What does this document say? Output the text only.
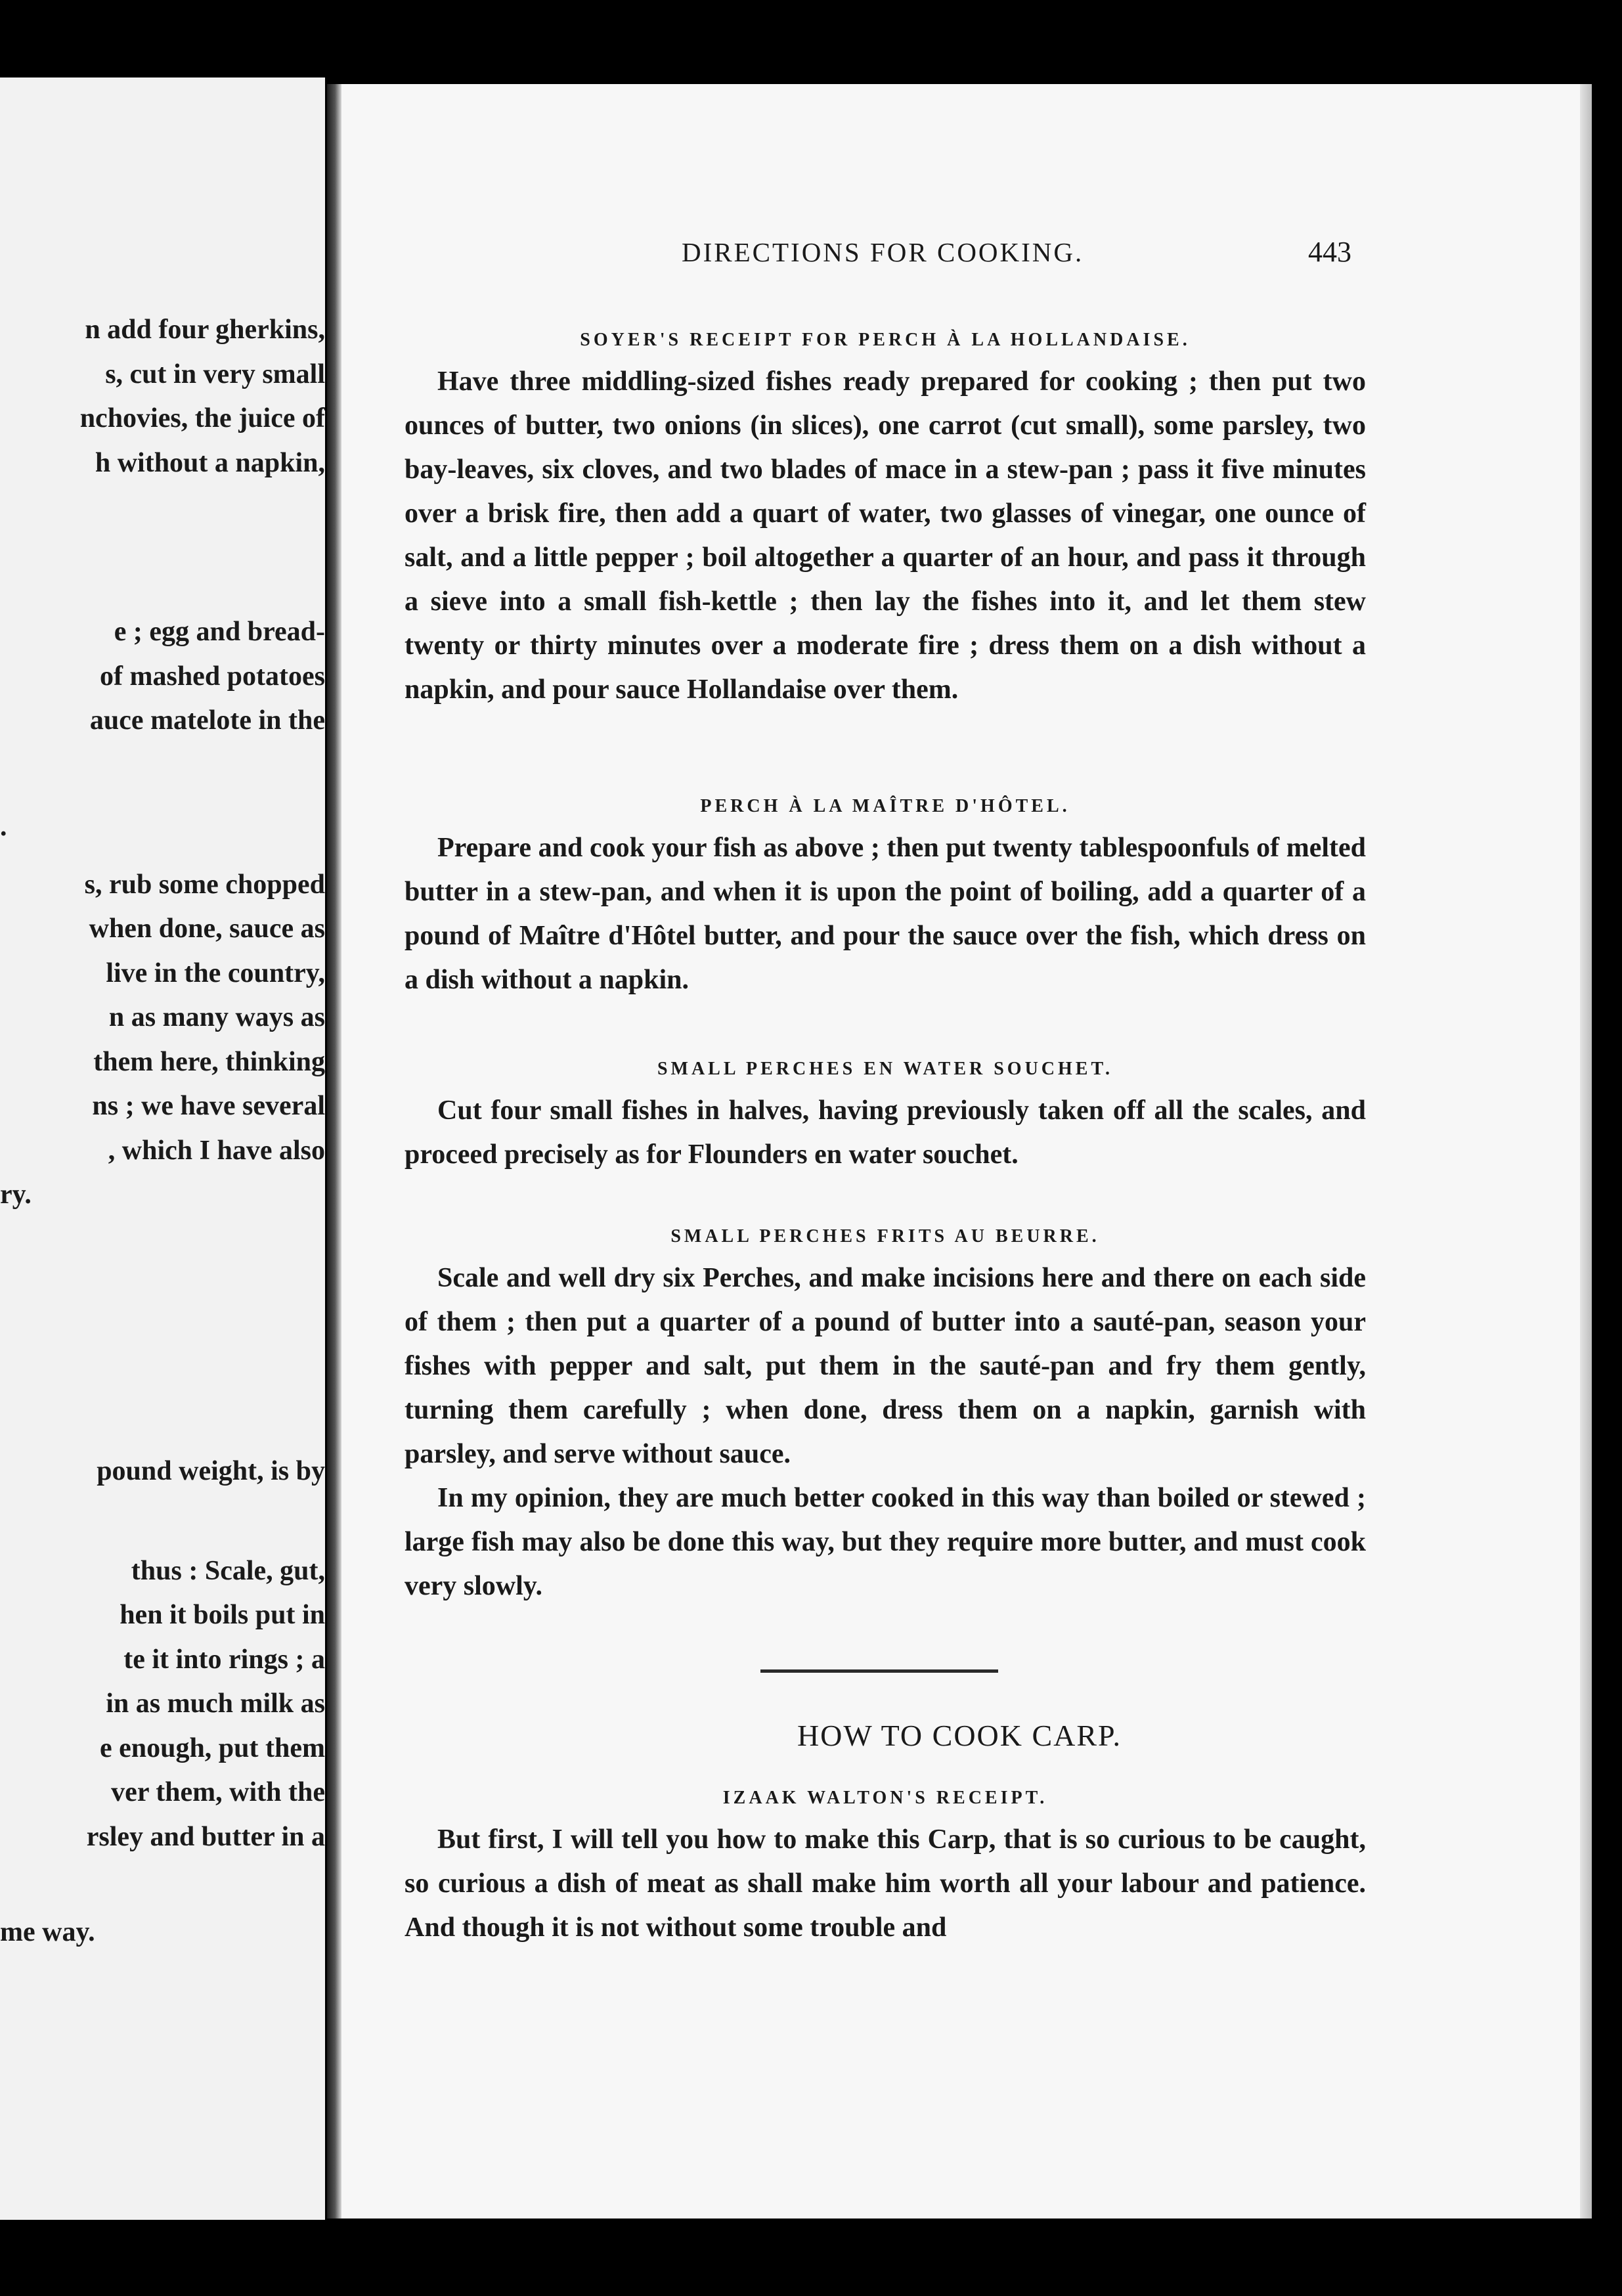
n add four gherkins,
s, cut in very small
nchovies, the juice of
h without a napkin,
e ; egg and bread-
of mashed potatoes
auce matelote in the
.
s, rub some chopped
when done, sauce as
live in the country,
n as many ways as
them here, thinking
ns ; we have several
, which I have also
ry.
pound weight, is by
thus : Scale, gut,
hen it boils put in
te it into rings ; a
in as much milk as
e enough, put them
ver them, with the
rsley and butter in a
me way.
DIRECTIONS FOR COOKING.	443
SOYER'S RECEIPT FOR PERCH À LA HOLLANDAISE.

Have three middling-sized fishes ready prepared for cooking ; then put two ounces of butter, two onions (in slices), one carrot (cut small), some parsley, two bay-leaves, six cloves, and two blades of mace in a stew-pan ; pass it five minutes over a brisk fire, then add a quart of water, two glasses of vinegar, one ounce of salt, and a little pepper ; boil altogether a quarter of an hour, and pass it through a sieve into a small fish-kettle ; then lay the fishes into it, and let them stew twenty or thirty minutes over a moderate fire ; dress them on a dish without a napkin, and pour sauce Hollandaise over them.

PERCH À LA MAÎTRE D'HÔTEL.

Prepare and cook your fish as above ; then put twenty tablespoonfuls of melted butter in a stew-pan, and when it is upon the point of boiling, add a quarter of a pound of Maître d'Hôtel butter, and pour the sauce over the fish, which dress on a dish without a napkin.

SMALL PERCHES EN WATER SOUCHET.

Cut four small fishes in halves, having previously taken off all the scales, and proceed precisely as for Flounders en water souchet.

SMALL PERCHES FRITS AU BEURRE.

Scale and well dry six Perches, and make incisions here and there on each side of them ; then put a quarter of a pound of butter into a sauté-pan, season your fishes with pepper and salt, put them in the sauté-pan and fry them gently, turning them carefully ; when done, dress them on a napkin, garnish with parsley, and serve without sauce.

In my opinion, they are much better cooked in this way than boiled or stewed ; large fish may also be done this way, but they require more butter, and must cook very slowly.

HOW TO COOK CARP.
IZAAK WALTON'S RECEIPT.

But first, I will tell you how to make this Carp, that is so curious to be caught, so curious a dish of meat as shall make him worth all your labour and patience. And though it is not without some trouble and
